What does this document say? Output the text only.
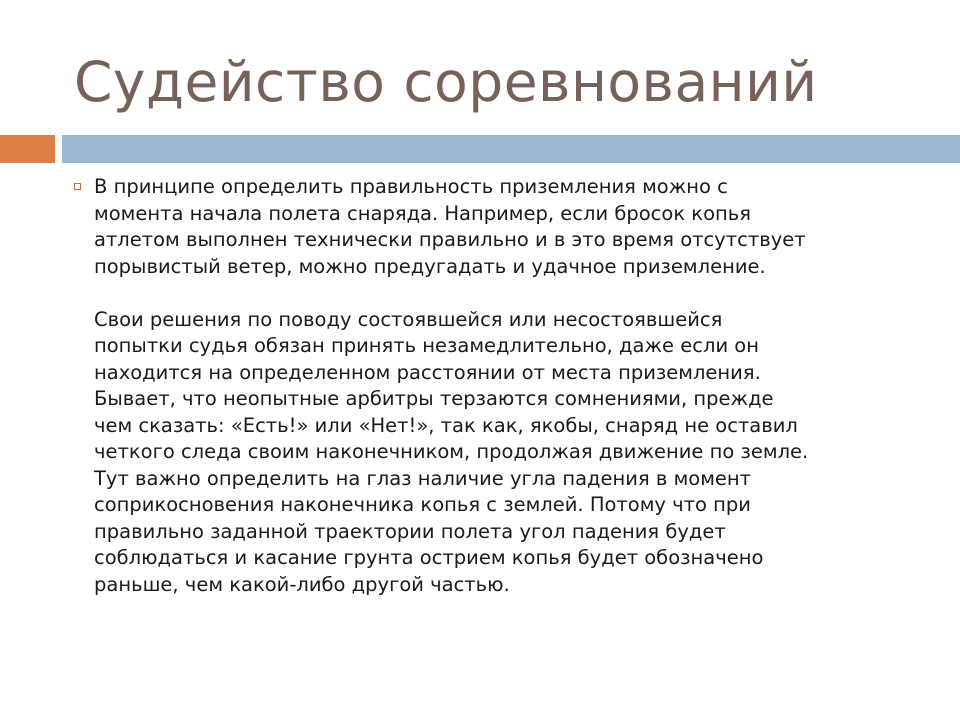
Судейство соревнований
В принципе определить правильность приземления можно с
момента начала полета снаряда. Например, если бросок копья
атлетом выполнен технически правильно и в это время отсутствует
порывистый ветер, можно предугадать и удачное приземление.
Свои решения по поводу состоявшейся или несостоявшейся
попытки судья обязан принять незамедлительно, даже если он
находится на определенном расстоянии от места приземления.
Бывает, что неопытные арбитры терзаются сомнениями, прежде
чем сказать: «Есть!» или «Нет!», так как, якобы, снаряд не оставил
четкого следа своим наконечником, продолжая движение по земле.
Тут важно определить на глаз наличие угла падения в момент
соприкосновения наконечника копья с землей. Потому что при
правильно заданной траектории полета угол падения будет
соблюдаться и касание грунта острием копья будет обозначено
раньше, чем какой-либо другой частью.
